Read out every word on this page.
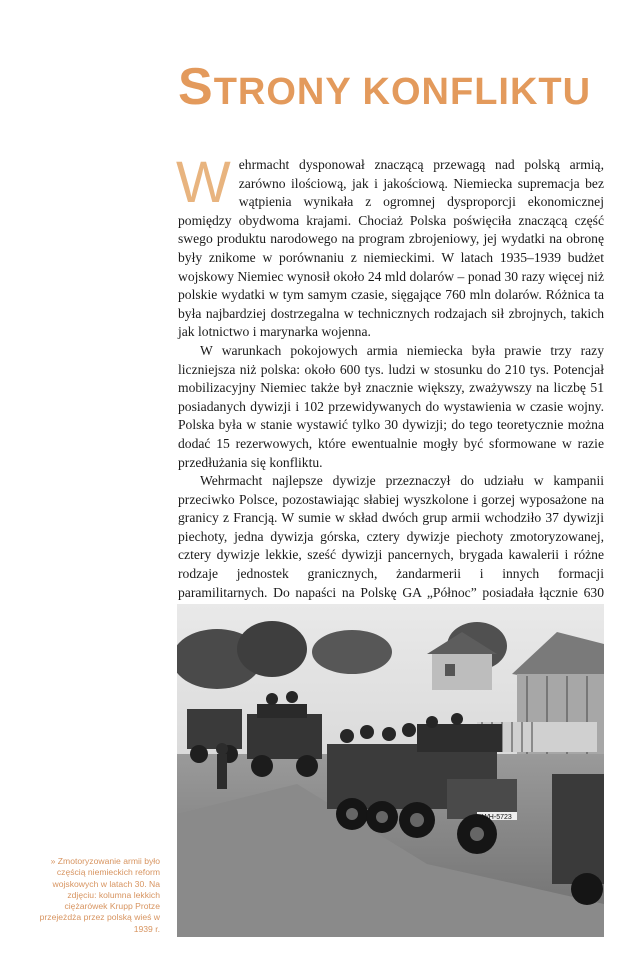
STRONY KONFLIKTU

Wehrmacht dysponował znaczącą przewagą nad polską armią, zarówno ilościową, jak i jakościową. Niemiecka supremacja bez wątpienia wynikała z ogromnej dysproporcji ekonomicznej pomiędzy obydwoma krajami. Chociaż Polska poświęciła znaczącą część swego produktu narodowego na program zbrojeniowy, jej wydatki na obronę były znikome w porównaniu z niemieckimi. W latach 1935–1939 budżet wojskowy Niemiec wynosił około 24 mld dolarów – ponad 30 razy więcej niż polskie wydatki w tym samym czasie, sięgające 760 mln dolarów. Różnica ta była najbardziej dostrzegalna w technicznych rodzajach sił zbrojnych, takich jak lotnictwo i marynarka wojenna.

W warunkach pokojowych armia niemiecka była prawie trzy razy liczniejsza niż polska: około 600 tys. ludzi w stosunku do 210 tys. Potencjał mobilizacyjny Niemiec także był znacznie większy, zważywszy na liczbę 51 posiadanych dywizji i 102 przewidywanych do wystawienia w czasie wojny. Polska była w stanie wystawić tylko 30 dywizji; do tego teoretycznie można dodać 15 rezerwowych, które ewentualnie mogły być sformowane w razie przedłużania się konfliktu.

Wehrmacht najlepsze dywizje przeznaczył do udziału w kampanii przeciwko Polsce, pozostawiając słabiej wyszkolone i gorzej wyposażone na granicy z Francją. W sumie w skład dwóch grup armii wchodziło 37 dywizji piechoty, jedna dywizja górska, cztery dywizje piechoty zmotoryzowanej, cztery dywizje lekkie, sześć dywizji pancernych, brygada kawalerii i różne rodzaje jednostek granicznych, żandarmerii i innych formacji paramilitarnych. Do napaści na Polskę GA „Północ” posiadała łącznie 630

WH-5723
» Zmotoryzowanie armii było częścią niemieckich reform wojskowych w latach 30. Na zdjęciu: kolumna lekkich ciężarówek Krupp Protze przejeżdża przez polską wieś w 1939 r.
